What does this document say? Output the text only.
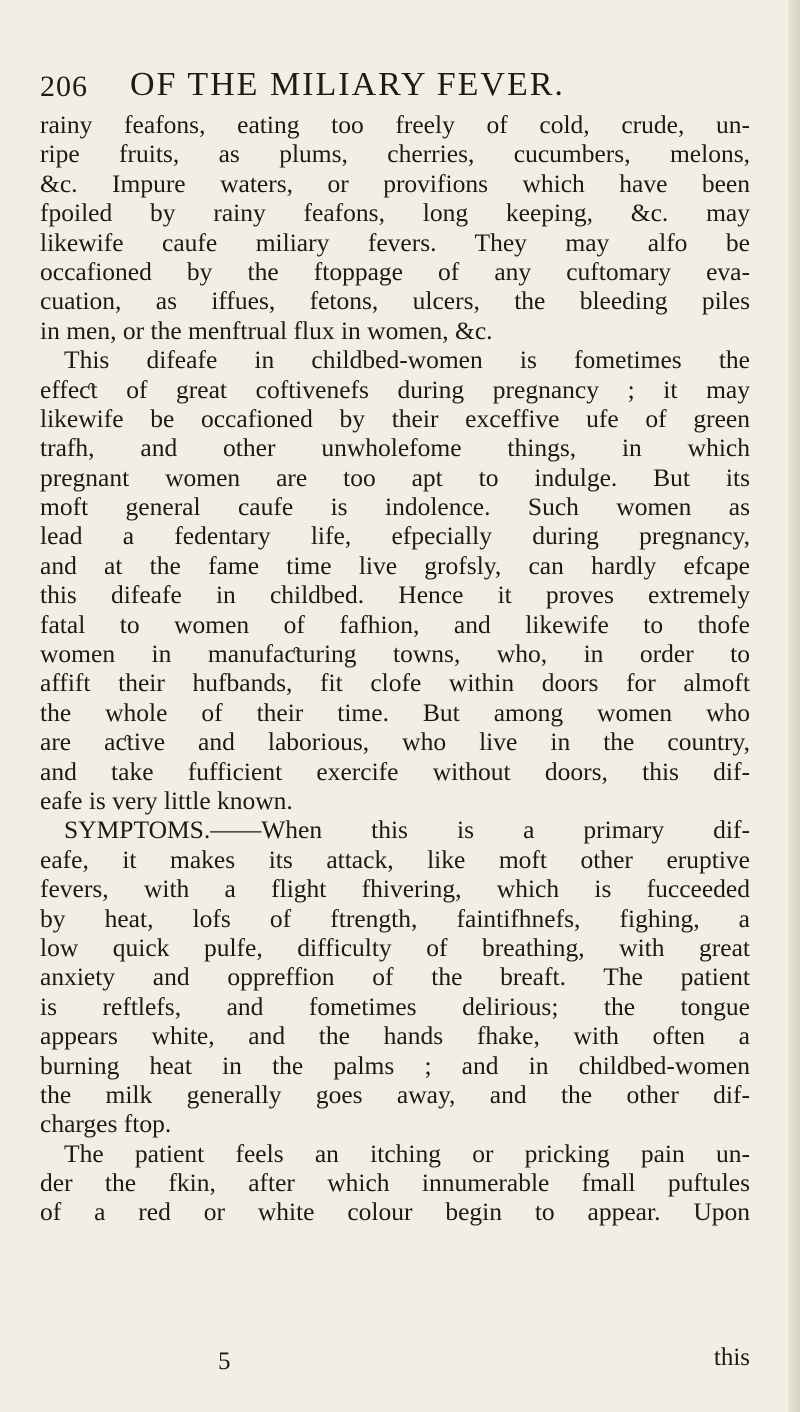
206 OF THE MILIARY FEVER.
rainy feafons, eating too freely of cold, crude, un-
ripe fruits, as plums, cherries, cucumbers, melons,
&c. Impure waters, or provifions which have been
fpoiled by rainy feafons, long keeping, &c. may
likewife caufe miliary fevers. They may alfo be
occafioned by the ftoppage of any cuftomary eva-
cuation, as iffues, fetons, ulcers, the bleeding piles
in men, or the menftrual flux in women, &c.
This difeafe in childbed-women is fometimes the
effeƈt of great coftivenefs during pregnancy ; it may
likewife be occafioned by their exceffive ufe of green
trafh, and other unwholefome things, in which
pregnant women are too apt to indulge. But its
moft general caufe is indolence. Such women as
lead a fedentary life, efpecially during pregnancy,
and at the fame time live grofsly, can hardly efcape
this difeafe in childbed. Hence it proves extremely
fatal to women of fafhion, and likewife to thofe
women in manufaƈturing towns, who, in order to
affift their hufbands, fit clofe within doors for almoft
the whole of their time. But among women who
are aƈtive and laborious, who live in the country,
and take fufficient exercife without doors, this dif-
eafe is very little known.
SYMPTOMS.——When this is a primary dif-
eafe, it makes its attack, like moft other eruptive
fevers, with a flight fhivering, which is fucceeded
by heat, lofs of ftrength, faintifhnefs, fighing, a
low quick pulfe, difficulty of breathing, with great
anxiety and oppreffion of the breaft. The patient
is reftlefs, and fometimes delirious; the tongue
appears white, and the hands fhake, with often a
burning heat in the palms ; and in childbed-women
the milk generally goes away, and the other dif-
charges ftop.
The patient feels an itching or pricking pain un-
der the fkin, after which innumerable fmall puftules
of a red or white colour begin to appear. Upon
5	this
